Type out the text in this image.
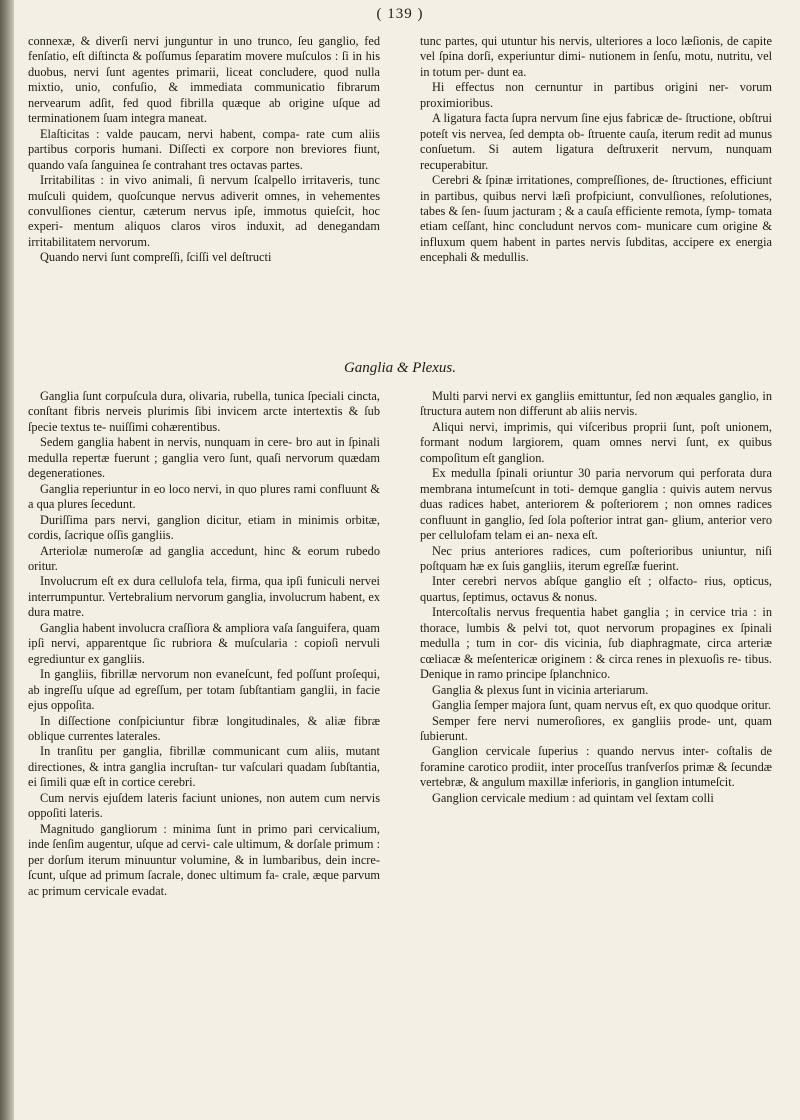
( 139 )

connexæ, & diverſi nervi junguntur in uno trunco, ſeu ganglio, fed fenſatio, eſt diſtincta & poſſumus ſeparatim movere muſculos : ſi in his duobus, nervi ſunt agentes primarii, liceat concludere, quod nulla mixtio, unio, confuſio, & immediata communicatio fibrarum nervearum adſit, fed quod fibrilla quæque ab origine uſque ad terminationem ſuam integra maneat.

Elaſticitas : valde paucam, nervi habent, compa- rate cum aliis partibus corporis humani. Diſſecti ex corpore non breviores fiunt, quando vaſa ſanguinea ſe contrahant tres octavas partes.

Irritabilitas : in vivo animali, ſi nervum ſcalpello irritaveris, tunc muſculi quidem, quoſcunque nervus adiverit omnes, in vehementes convulſiones cientur, cæterum nervus ipſe, immotus quieſcit, hoc experi- mentum aliquos claros viros induxit, ad denegandam irritabilitatem nervorum.

Quando nervi ſunt compreſſi, ſciſſi vel deſtructi

tunc partes, qui utuntur his nervis, ulteriores a loco læſionis, de capite vel ſpina dorſi, experiuntur dimi- nutionem in ſenſu, motu, nutritu, vel in totum per- dunt ea.

Hi effectus non cernuntur in partibus origini ner- vorum proximioribus.

A ligatura facta ſupra nervum ſine ejus fabricæ de- ſtructione, obſtrui poteſt vis nervea, ſed dempta ob- ſtruente cauſa, iterum redit ad munus conſuetum. Si autem ligatura deſtruxerit nervum, nunquam recuperabitur.

Cerebri & ſpinæ irritationes, compreſſiones, de- ſtructiones, efficiunt in partibus, quibus nervi læſi profpiciunt, convulſiones, reſolutiones, tabes & ſen- ſuum jacturam ; & a cauſa efficiente remota, ſymp- tomata etiam ceſſant, hinc concludunt nervos com- municare cum origine & influxum quem habent in partes nervis ſubditas, accipere ex energia encephali & medullis.

Ganglia & Plexus.

Ganglia ſunt corpuſcula dura, olivaria, rubella, tunica ſpeciali cincta, conſtant fibris nerveis plurimis ſibi invicem arcte intertextis & ſub ſpecie textus te- nuiſſimi cohærentibus.

Sedem ganglia habent in nervis, nunquam in cere- bro aut in ſpinali medulla repertæ fuerunt ; ganglia vero ſunt, quaſi nervorum quædam degenerationes.

Ganglia reperiuntur in eo loco nervi, in quo plures rami confluunt & a qua plures ſecedunt.

Duriſſima pars nervi, ganglion dicitur, etiam in minimis orbitæ, cordis, ſacrique oſſis gangliis.

Arteriolæ numeroſæ ad ganglia accedunt, hinc & eorum rubedo oritur.

Involucrum eſt ex dura cellulofa tela, firma, qua ipſi funiculi nervei interrumpuntur. Vertebralium nervorum ganglia, involucrum habent, ex dura matre.

Ganglia habent involucra craſſiora & ampliora vaſa ſanguifera, quam ipſi nervi, apparentque ſic rubriora & muſcularia : copioſi nervuli egrediuntur ex gangliis.

In gangliis, fibrillæ nervorum non evaneſcunt, fed poſſunt proſequi, ab ingreſſu uſque ad egreſſum, per totam ſubſtantiam ganglii, in facie ejus oppoſita.

In diſſectione conſpiciuntur fibræ longitudinales, & aliæ fibræ oblique currentes laterales.

In tranſitu per ganglia, fibrillæ communicant cum aliis, mutant directiones, & intra ganglia incruſtan- tur vaſculari quadam ſubſtantia, ei ſimili quæ eſt in cortice cerebri.

Cum nervis ejuſdem lateris faciunt uniones, non autem cum nervis oppoſiti lateris.

Magnitudo gangliorum : minima ſunt in primo pari cervicalium, inde ſenſim augentur, uſque ad cervi- cale ultimum, & dorſale primum : per dorſum iterum minuuntur volumine, & in lumbaribus, dein incre- ſcunt, uſque ad primum ſacrale, donec ultimum fa- crale, æque parvum ac primum cervicale evadat.

Multi parvi nervi ex gangliis emittuntur, ſed non æquales ganglio, in ſtructura autem non differunt ab aliis nervis.

Aliqui nervi, imprimis, qui viſceribus proprii ſunt, poſt unionem, formant nodum largiorem, quam omnes nervi ſunt, ex quibus compoſitum eſt ganglion.

Ex medulla ſpinali oriuntur 30 paria nervorum qui perforata dura membrana intumeſcunt in toti- demque ganglia : quivis autem nervus duas radices habet, anteriorem & poſteriorem ; non omnes radices confluunt in ganglio, ſed ſola poſterior intrat gan- glium, anterior vero per cellulofam telam ei an- nexa eſt.

Nec prius anteriores radices, cum poſterioribus uniuntur, niſi poſtquam hæ ex ſuis gangliis, iterum egreſſæ fuerint.

Inter cerebri nervos abſque ganglio eſt ; olfacto- rius, opticus, quartus, ſeptimus, octavus & nonus.

Intercoſtalis nervus frequentia habet ganglia ; in cervice tria : in thorace, lumbis & pelvi tot, quot nervorum propagines ex ſpinali medulla ; tum in cor- dis vicinia, ſub diaphragmate, circa arteriæ cœliacæ & meſentericæ originem : & circa renes in plexuoſis re- tibus. Denique in ramo principe ſplanchnico.

Ganglia & plexus ſunt in vicinia arteriarum.

Ganglia ſemper majora ſunt, quam nervus eſt, ex quo quodque oritur.

Semper fere nervi numeroſiores, ex gangliis prode- unt, quam ſubierunt.

Ganglion cervicale ſuperius : quando nervus inter- coſtalis de foramine carotico prodiit, inter proceſſus tranſverſos primæ & ſecundæ vertebræ, & angulum maxillæ inferioris, in ganglion intumeſcit.

Ganglion cervicale medium : ad quintam vel ſextam colli
